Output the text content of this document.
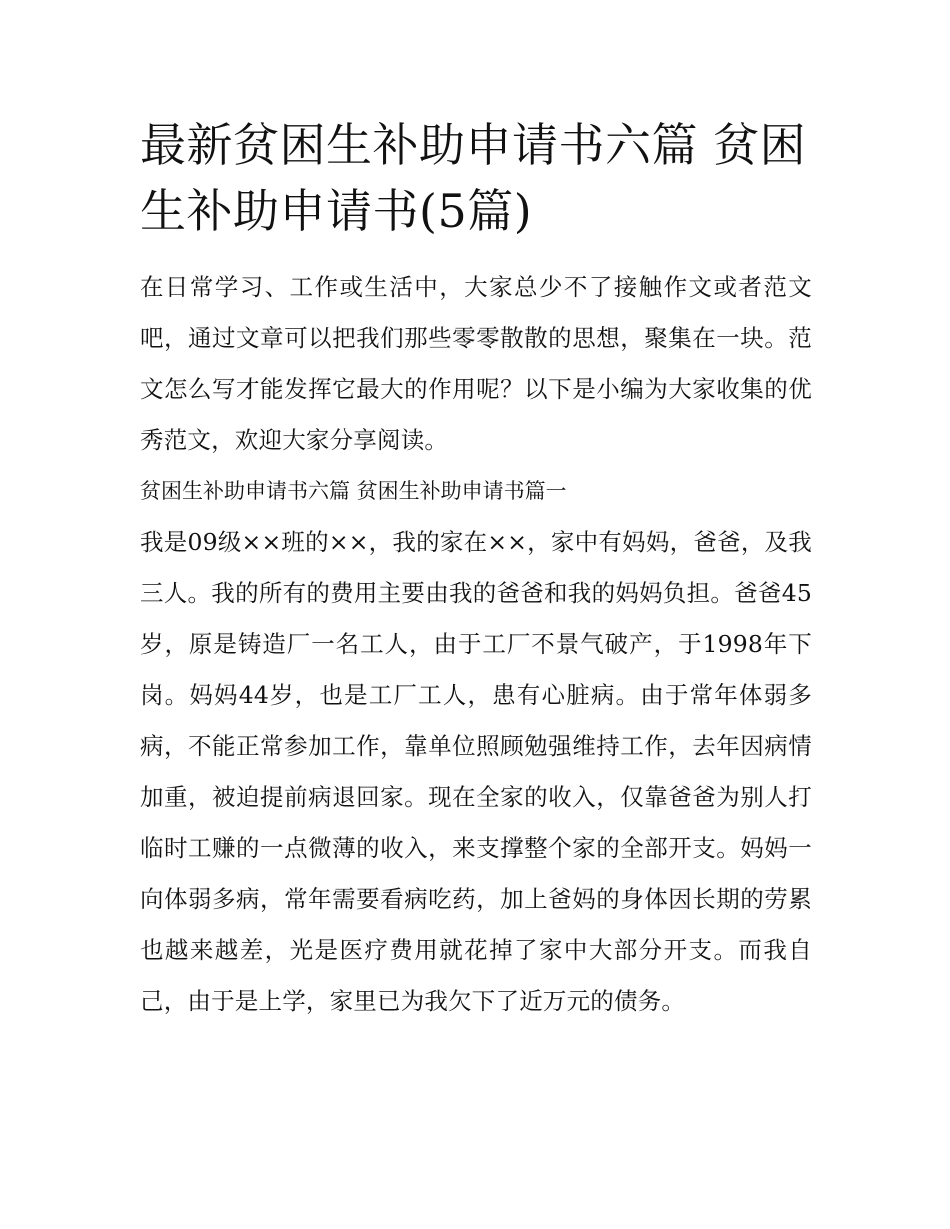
最新贫困生补助申请书六篇 贫困生补助申请书(5篇)

在日常学习、工作或生活中，大家总少不了接触作文或者范文吧，通过文章可以把我们那些零零散散的思想，聚集在一块。范文怎么写才能发挥它最大的作用呢？以下是小编为大家收集的优秀范文，欢迎大家分享阅读。

贫困生补助申请书六篇 贫困生补助申请书篇一

我是09级××班的××，我的家在××，家中有妈妈，爸爸，及我三人。我的所有的费用主要由我的爸爸和我的妈妈负担。爸爸45岁，原是铸造厂一名工人，由于工厂不景气破产，于1998年下岗。妈妈44岁，也是工厂工人，患有心脏病。由于常年体弱多病，不能正常参加工作，靠单位照顾勉强维持工作，去年因病情加重，被迫提前病退回家。现在全家的收入，仅靠爸爸为别人打临时工赚的一点微薄的收入，来支撑整个家的全部开支。妈妈一向体弱多病，常年需要看病吃药，加上爸妈的身体因长期的劳累也越来越差，光是医疗费用就花掉了家中大部分开支。而我自己，由于是上学，家里已为我欠下了近万元的债务。
